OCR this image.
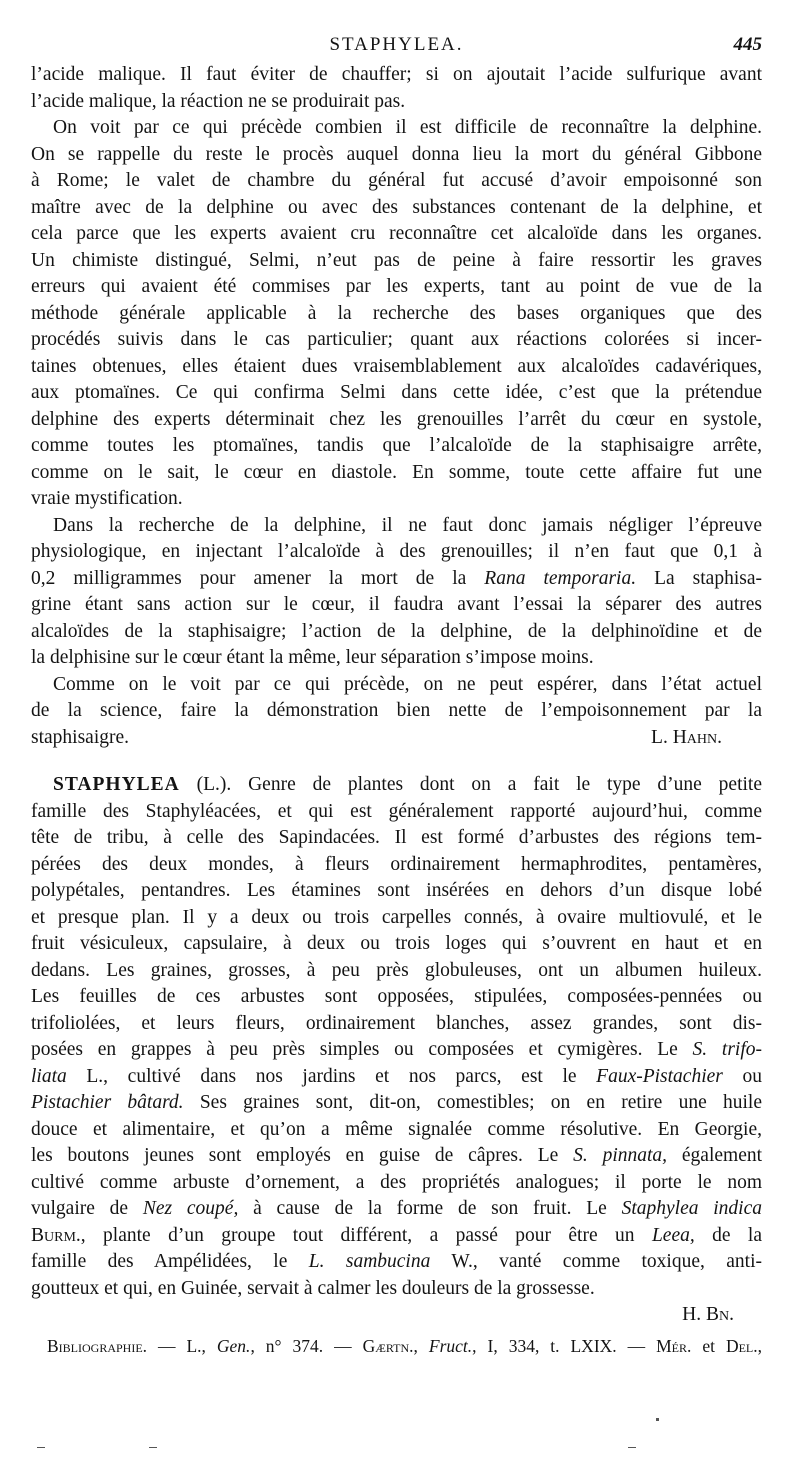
STAPHYLEA.	445
l’acide malique. Il faut éviter de chauffer; si on ajoutait l’acide sulfurique avant
l’acide malique, la réaction ne se produirait pas.
On voit par ce qui précède combien il est difficile de reconnaître la delphine.
On se rappelle du reste le procès auquel donna lieu la mort du général Gibbone
à Rome; le valet de chambre du général fut accusé d’avoir empoisonné son
maître avec de la delphine ou avec des substances contenant de la delphine, et
cela parce que les experts avaient cru reconnaître cet alcaloïde dans les organes.
Un chimiste distingué, Selmi, n’eut pas de peine à faire ressortir les graves
erreurs qui avaient été commises par les experts, tant au point de vue de la
méthode générale applicable à la recherche des bases organiques que des
procédés suivis dans le cas particulier; quant aux réactions colorées si incer-
taines obtenues, elles étaient dues vraisemblablement aux alcaloïdes cadavériques,
aux ptomaïnes. Ce qui confirma Selmi dans cette idée, c’est que la prétendue
delphine des experts déterminait chez les grenouilles l’arrêt du cœur en systole,
comme toutes les ptomaïnes, tandis que l’alcaloïde de la staphisaigre arrête,
comme on le sait, le cœur en diastole. En somme, toute cette affaire fut une
vraie mystification.
Dans la recherche de la delphine, il ne faut donc jamais négliger l’épreuve
physiologique, en injectant l’alcaloïde à des grenouilles; il n’en faut que 0,1 à
0,2 milligrammes pour amener la mort de la Rana temporaria. La staphisa-
grine étant sans action sur le cœur, il faudra avant l’essai la séparer des autres
alcaloïdes de la staphisaigre; l’action de la delphine, de la delphinoïdine et de
la delphisine sur le cœur étant la même, leur séparation s’impose moins.
Comme on le voit par ce qui précède, on ne peut espérer, dans l’état actuel
de la science, faire la démonstration bien nette de l’empoisonnement par la
staphisaigre.	L. Hahn.
STAPHYLEA (L.). Genre de plantes dont on a fait le type d’une petite
famille des Staphyléacées, et qui est généralement rapporté aujourd’hui, comme
tête de tribu, à celle des Sapindacées. Il est formé d’arbustes des régions tem-
pérées des deux mondes, à fleurs ordinairement hermaphrodites, pentamères,
polypétales, pentandres. Les étamines sont insérées en dehors d’un disque lobé
et presque plan. Il y a deux ou trois carpelles connés, à ovaire multiovulé, et le
fruit vésiculeux, capsulaire, à deux ou trois loges qui s’ouvrent en haut et en
dedans. Les graines, grosses, à peu près globuleuses, ont un albumen huileux.
Les feuilles de ces arbustes sont opposées, stipulées, composées-pennées ou
trifoliolées, et leurs fleurs, ordinairement blanches, assez grandes, sont dis-
posées en grappes à peu près simples ou composées et cymigères. Le S. trifo-
liata L., cultivé dans nos jardins et nos parcs, est le Faux-Pistachier ou
Pistachier bâtard. Ses graines sont, dit-on, comestibles; on en retire une huile
douce et alimentaire, et qu’on a même signalée comme résolutive. En Georgie,
les boutons jeunes sont employés en guise de câpres. Le S. pinnata, également
cultivé comme arbuste d’ornement, a des propriétés analogues; il porte le nom
vulgaire de Nez coupé, à cause de la forme de son fruit. Le Staphylea indica
Burm., plante d’un groupe tout différent, a passé pour être un Leea, de la
famille des Ampélidées, le L. sambucina W., vanté comme toxique, anti-
goutteux et qui, en Guinée, servait à calmer les douleurs de la grossesse.
H. Bn.
Bibliographie. — L., Gen., n° 374. — Gærtn., Fruct., I, 334, t. LXIX. — Mér. et Del.,
